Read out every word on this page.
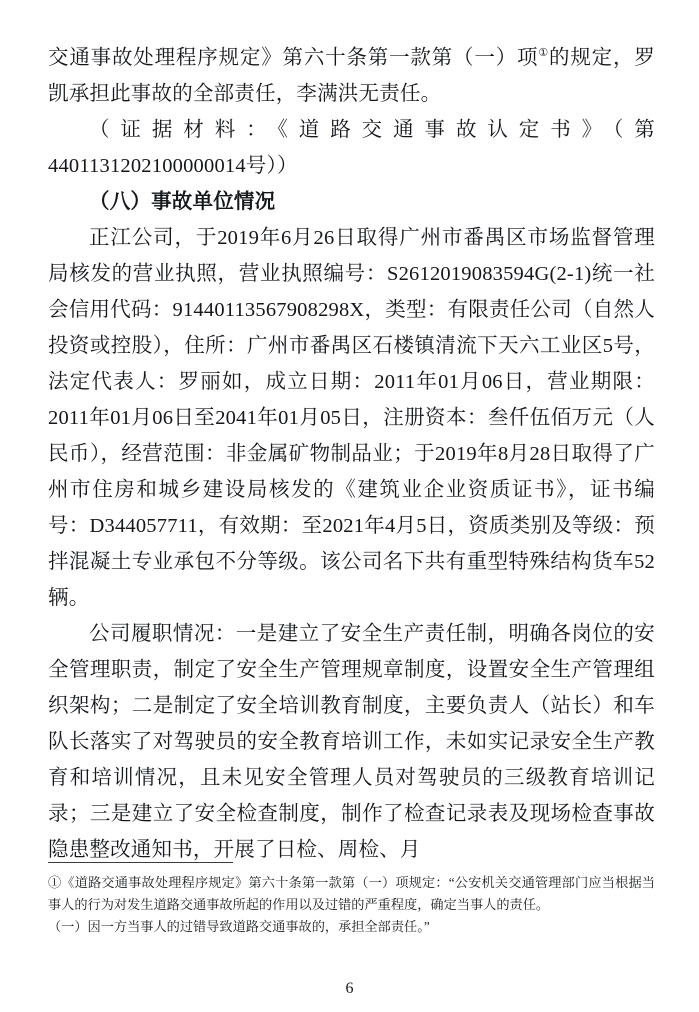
交通事故处理程序规定》第六十条第一款第（一）项①的规定，罗凯承担此事故的全部责任，李满洪无责任。

（证据材料：《道路交通事故认定书》（第4401131202100000014号））

（八）事故单位情况

正江公司，于2019年6月26日取得广州市番禺区市场监督管理局核发的营业执照，营业执照编号：S2612019083594G(2-1)统一社会信用代码：91440113567908298X，类型：有限责任公司（自然人投资或控股），住所：广州市番禺区石楼镇清流下天六工业区5号，法定代表人：罗丽如，成立日期：2011年01月06日，营业期限：2011年01月06日至2041年01月05日，注册资本：叁仟伍佰万元（人民币），经营范围：非金属矿物制品业；于2019年8月28日取得了广州市住房和城乡建设局核发的《建筑业企业资质证书》，证书编号：D344057711，有效期：至2021年4月5日，资质类别及等级：预拌混凝土专业承包不分等级。该公司名下共有重型特殊结构货车52辆。

公司履职情况：一是建立了安全生产责任制，明确各岗位的安全管理职责，制定了安全生产管理规章制度，设置安全生产管理组织架构；二是制定了安全培训教育制度，主要负责人（站长）和车队长落实了对驾驶员的安全教育培训工作，未如实记录安全生产教育和培训情况，且未见安全管理人员对驾驶员的三级教育培训记录；三是建立了安全检查制度，制作了检查记录表及现场检查事故隐患整改通知书，开展了日检、周检、月

①《道路交通事故处理程序规定》第六十条第一款第（一）项规定：“公安机关交通管理部门应当根据当事人的行为对发生道路交通事故所起的作用以及过错的严重程度，确定当事人的责任。

（一）因一方当事人的过错导致道路交通事故的，承担全部责任。”

6
